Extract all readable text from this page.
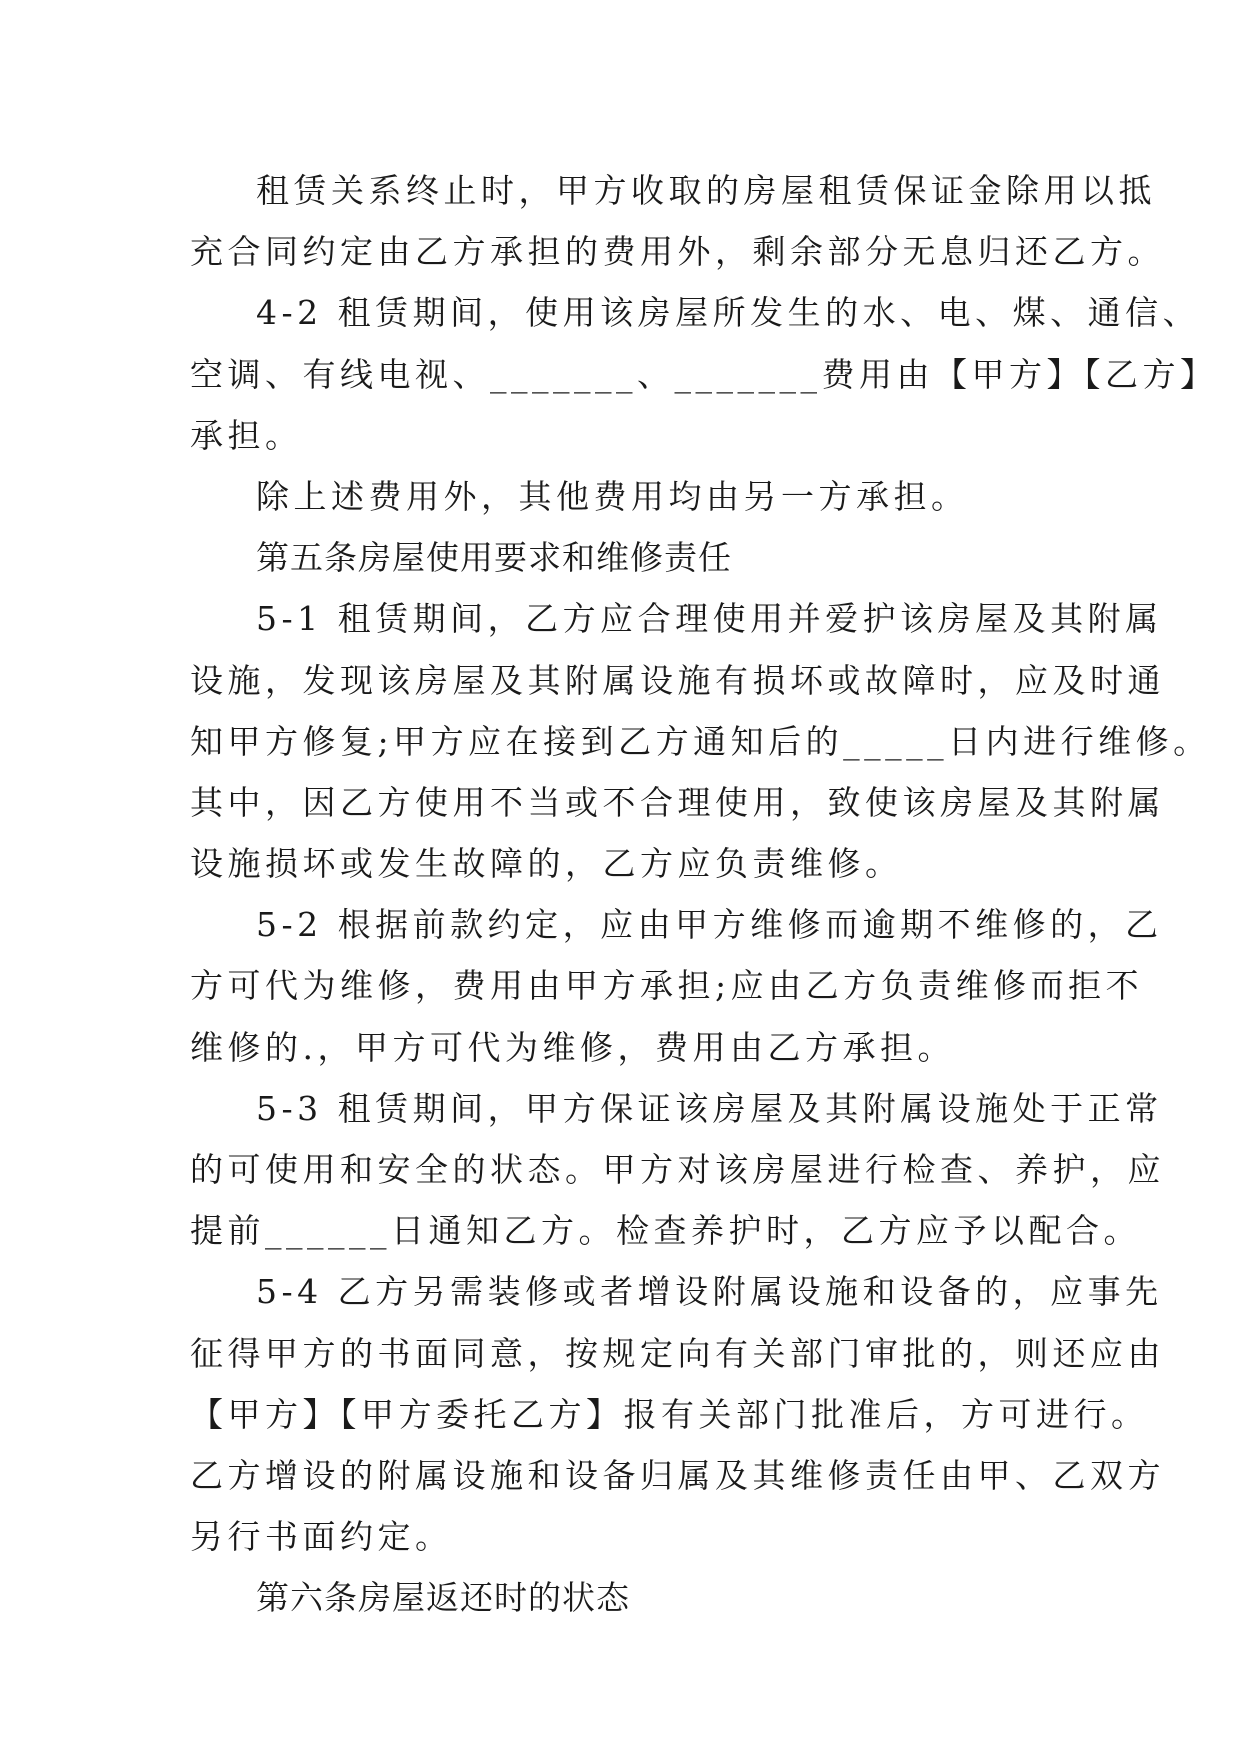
租赁关系终止时，甲方收取的房屋租赁保证金除用以抵
充合同约定由乙方承担的费用外，剩余部分无息归还乙方。
4-2 租赁期间，使用该房屋所发生的水、电、煤、通信、
空调、有线电视、_______、_______费用由【甲方】【乙方】
承担。
除上述费用外，其他费用均由另一方承担。
第五条房屋使用要求和维修责任
5-1 租赁期间，乙方应合理使用并爱护该房屋及其附属
设施，发现该房屋及其附属设施有损坏或故障时，应及时通
知甲方修复;甲方应在接到乙方通知后的_____日内进行维修。
其中，因乙方使用不当或不合理使用，致使该房屋及其附属
设施损坏或发生故障的，乙方应负责维修。
5-2 根据前款约定，应由甲方维修而逾期不维修的，乙
方可代为维修，费用由甲方承担;应由乙方负责维修而拒不
维修的.，甲方可代为维修，费用由乙方承担。
5-3 租赁期间，甲方保证该房屋及其附属设施处于正常
的可使用和安全的状态。甲方对该房屋进行检查、养护，应
提前______日通知乙方。检查养护时，乙方应予以配合。
5-4 乙方另需装修或者增设附属设施和设备的，应事先
征得甲方的书面同意，按规定向有关部门审批的，则还应由
【甲方】【甲方委托乙方】报有关部门批准后，方可进行。
乙方增设的附属设施和设备归属及其维修责任由甲、乙双方
另行书面约定。
第六条房屋返还时的状态
